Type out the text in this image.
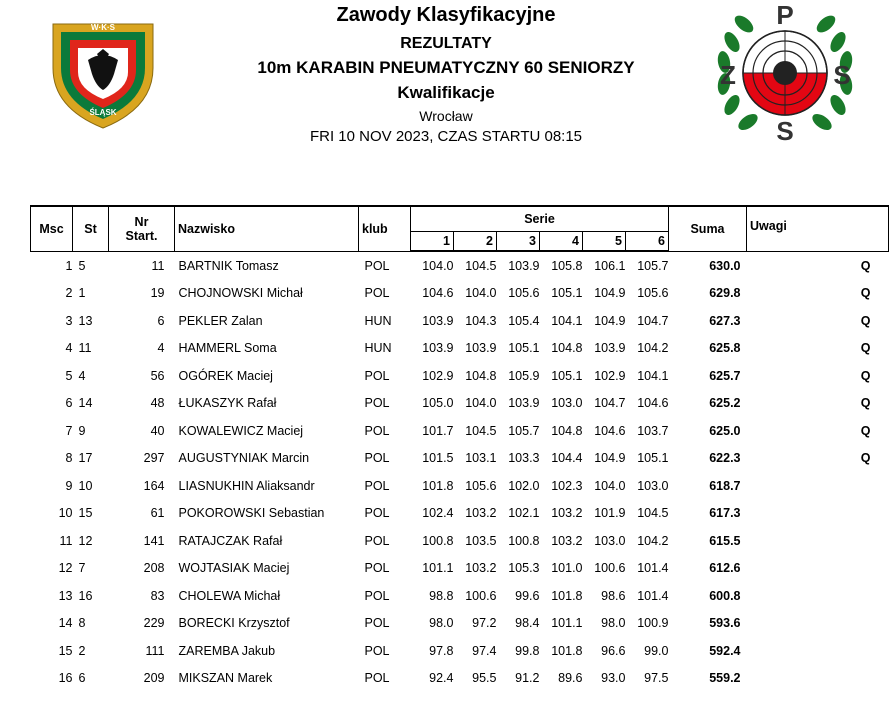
W·K·S
ŚLĄSK
Zawody Klasyfikacyjne
REZULTATY
10m KARABIN PNEUMATYCZNY 60 SENIORZY
Kwalifikacje
Wrocław
FRI 10 NOV 2023, CZAS STARTU 08:15
P
Z	S
S
Msc	St	Nr
Start.	Nazwisko	klub	Serie						Suma	Uwagi
					1	2	3	4	5	6		
1	5	11	BARTNIK Tomasz	POL	104.0	104.5	103.9	105.8	106.1	105.7	630.0	Q
2	1	19	CHOJNOWSKI Michał	POL	104.6	104.0	105.6	105.1	104.9	105.6	629.8	Q
3	13	6	PEKLER Zalan	HUN	103.9	104.3	105.4	104.1	104.9	104.7	627.3	Q
4	11	4	HAMMERL Soma	HUN	103.9	103.9	105.1	104.8	103.9	104.2	625.8	Q
5	4	56	OGÓREK Maciej	POL	102.9	104.8	105.9	105.1	102.9	104.1	625.7	Q
6	14	48	ŁUKASZYK Rafał	POL	105.0	104.0	103.9	103.0	104.7	104.6	625.2	Q
7	9	40	KOWALEWICZ Maciej	POL	101.7	104.5	105.7	104.8	104.6	103.7	625.0	Q
8	17	297	AUGUSTYNIAK Marcin	POL	101.5	103.1	103.3	104.4	104.9	105.1	622.3	Q
9	10	164	LIASNUKHIN Aliaksandr	POL	101.8	105.6	102.0	102.3	104.0	103.0	618.7	
10	15	61	POKOROWSKI Sebastian	POL	102.4	103.2	102.1	103.2	101.9	104.5	617.3	
11	12	141	RATAJCZAK Rafał	POL	100.8	103.5	100.8	103.2	103.0	104.2	615.5	
12	7	208	WOJTASIAK Maciej	POL	101.1	103.2	105.3	101.0	100.6	101.4	612.6	
13	16	83	CHOLEWA Michał	POL	98.8	100.6	99.6	101.8	98.6	101.4	600.8	
14	8	229	BORECKI Krzysztof	POL	98.0	97.2	98.4	101.1	98.0	100.9	593.6	
15	2	111	ZAREMBA Jakub	POL	97.8	97.4	99.8	101.8	96.6	99.0	592.4	
16	6	209	MIKSZAN Marek	POL	92.4	95.5	91.2	89.6	93.0	97.5	559.2	
